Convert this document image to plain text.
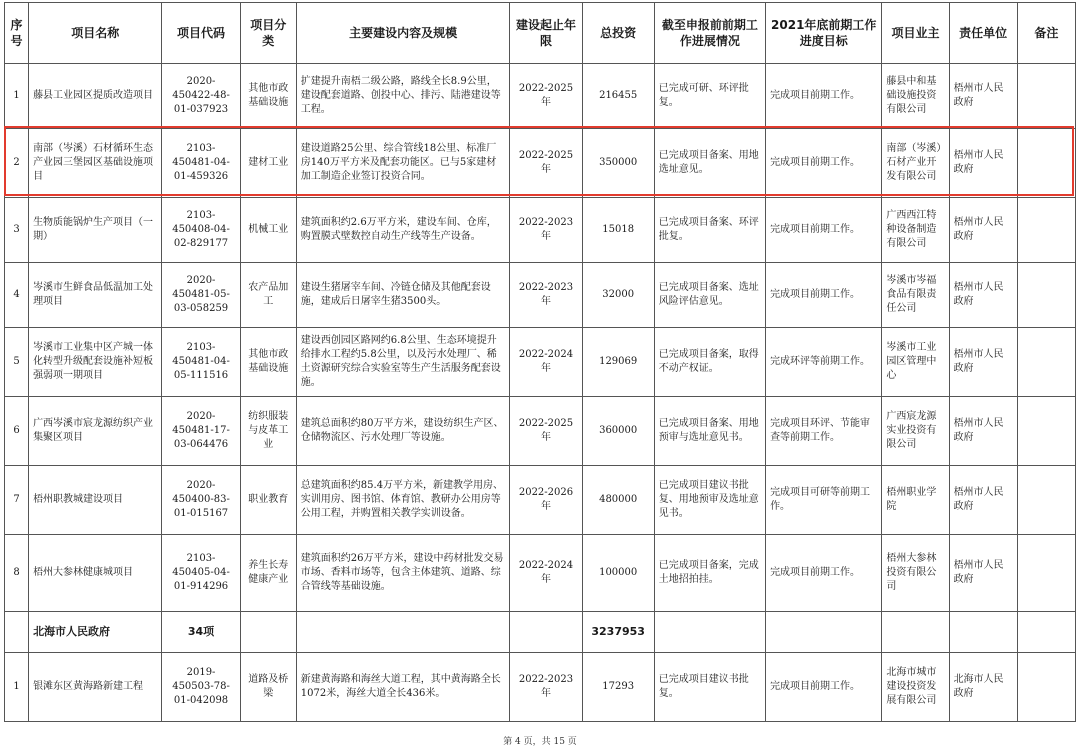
序号	项目名称	项目代码	项目分类	主要建设内容及规模	建设起止年限	总投资	截至申报前前期工作进展情况	2021年底前期工作进度目标	项目业主	责任单位	备注
1	藤县工业园区提质改造项目	2020-450422-48-01-037923	其他市政基础设施	扩建提升南梧二级公路，路线全长8.9公里，建设配套道路、创投中心、排污、陆港建设等工程。	2022-2025年	216455	已完成可研、环评批复。	完成项目前期工作。	藤县中和基础设施投资有限公司	梧州市人民政府	
2	南部（岑溪）石材循环生态产业园三堡园区基础设施项目	2103-450481-04-01-459326	建材工业	建设道路25公里、综合管线18公里、标准厂房140万平方米及配套功能区。已与5家建材加工制造企业签订投资合同。	2022-2025年	350000	已完成项目备案、用地选址意见。	完成项目前期工作。	南部（岑溪）石材产业开发有限公司	梧州市人民政府	
3	生物质能锅炉生产项目（一期）	2103-450408-04-02-829177	机械工业	建筑面积约2.6万平方米，建设车间、仓库，购置膜式壁数控自动生产线等生产设备。	2022-2023年	15018	已完成项目备案、环评批复。	完成项目前期工作。	广西西江特种设备制造有限公司	梧州市人民政府	
4	岑溪市生鲜食品低温加工处理项目	2020-450481-05-03-058259	农产品加工	建设生猪屠宰车间、冷链仓储及其他配套设施，建成后日屠宰生猪3500头。	2022-2023年	32000	已完成项目备案、选址风险评估意见。	完成项目前期工作。	岑溪市岑福食品有限责任公司	梧州市人民政府	
5	岑溪市工业集中区产城一体化转型升级配套设施补短板强弱项一期项目	2103-450481-04-05-111516	其他市政基础设施	建设西创园区路网约6.8公里、生态环境提升给排水工程约5.8公里，以及污水处理厂、稀土资源研究综合实验室等生产生活服务配套设施。	2022-2024年	129069	已完成项目备案，取得不动产权证。	完成环评等前期工作。	岑溪市工业园区管理中心	梧州市人民政府	
6	广西岑溪市宸龙源纺织产业集聚区项目	2020-450481-17-03-064476	纺织服装与皮革工业	建筑总面积约80万平方米，建设纺织生产区、仓储物流区、污水处理厂等设施。	2022-2025年	360000	已完成项目备案、用地预审与选址意见书。	完成项目环评、节能审查等前期工作。	广西宸龙源实业投资有限公司	梧州市人民政府	
7	梧州职教城建设项目	2020-450400-83-01-015167	职业教育	总建筑面积约85.4万平方米，新建教学用房、实训用房、图书馆、体育馆、教研办公用房等公用工程，并购置相关教学实训设备。	2022-2026年	480000	已完成项目建议书批复、用地预审及选址意见书。	完成项目可研等前期工作。	梧州职业学院	梧州市人民政府	
8	梧州大参林健康城项目	2103-450405-04-01-914296	养生长寿健康产业	建筑面积约26万平方米，建设中药材批发交易市场、香料市场等，包含主体建筑、道路、综合管线等基础设施。	2022-2024年	100000	已完成项目备案，完成土地招拍挂。	完成项目前期工作。	梧州大参林投资有限公司	梧州市人民政府	
	北海市人民政府	34项				3237953					
1	银滩东区黄海路新建工程	2019-450503-78-01-042098	道路及桥梁	新建黄海路和海丝大道工程，其中黄海路全长1072米，海丝大道全长436米。	2022-2023年	17293	已完成项目建议书批复。	完成项目前期工作。	北海市城市建设投资发展有限公司	北海市人民政府	
第 4 页，共 15 页
